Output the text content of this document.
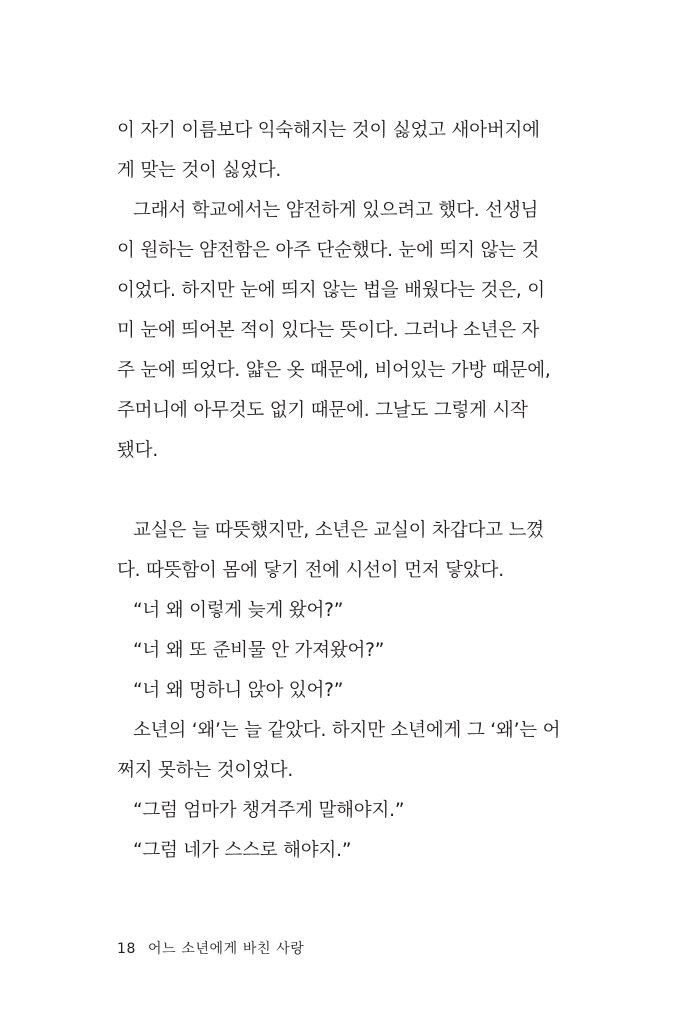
이 자기 이름보다 익숙해지는 것이 싫었고 새아버지에
게 맞는 것이 싫었다.
그래서 학교에서는 얌전하게 있으려고 했다. 선생님
이 원하는 얌전함은 아주 단순했다. 눈에 띄지 않는 것
이었다. 하지만 눈에 띄지 않는 법을 배웠다는 것은, 이
미 눈에 띄어본 적이 있다는 뜻이다. 그러나 소년은 자
주 눈에 띄었다. 얇은 옷 때문에, 비어있는 가방 때문에,
주머니에 아무것도 없기 때문에. 그날도 그렇게 시작
됐다.
교실은 늘 따뜻했지만, 소년은 교실이 차갑다고 느꼈
다. 따뜻함이 몸에 닿기 전에 시선이 먼저 닿았다.
“너 왜 이렇게 늦게 왔어?”
“너 왜 또 준비물 안 가져왔어?”
“너 왜 멍하니 앉아 있어?”
소년의 ‘왜’는 늘 같았다. 하지만 소년에게 그 ‘왜’는 어
쩌지 못하는 것이었다.
“그럼 엄마가 챙겨주게 말해야지.”
“그럼 네가 스스로 해야지.”
18 어느 소년에게 바친 사랑
